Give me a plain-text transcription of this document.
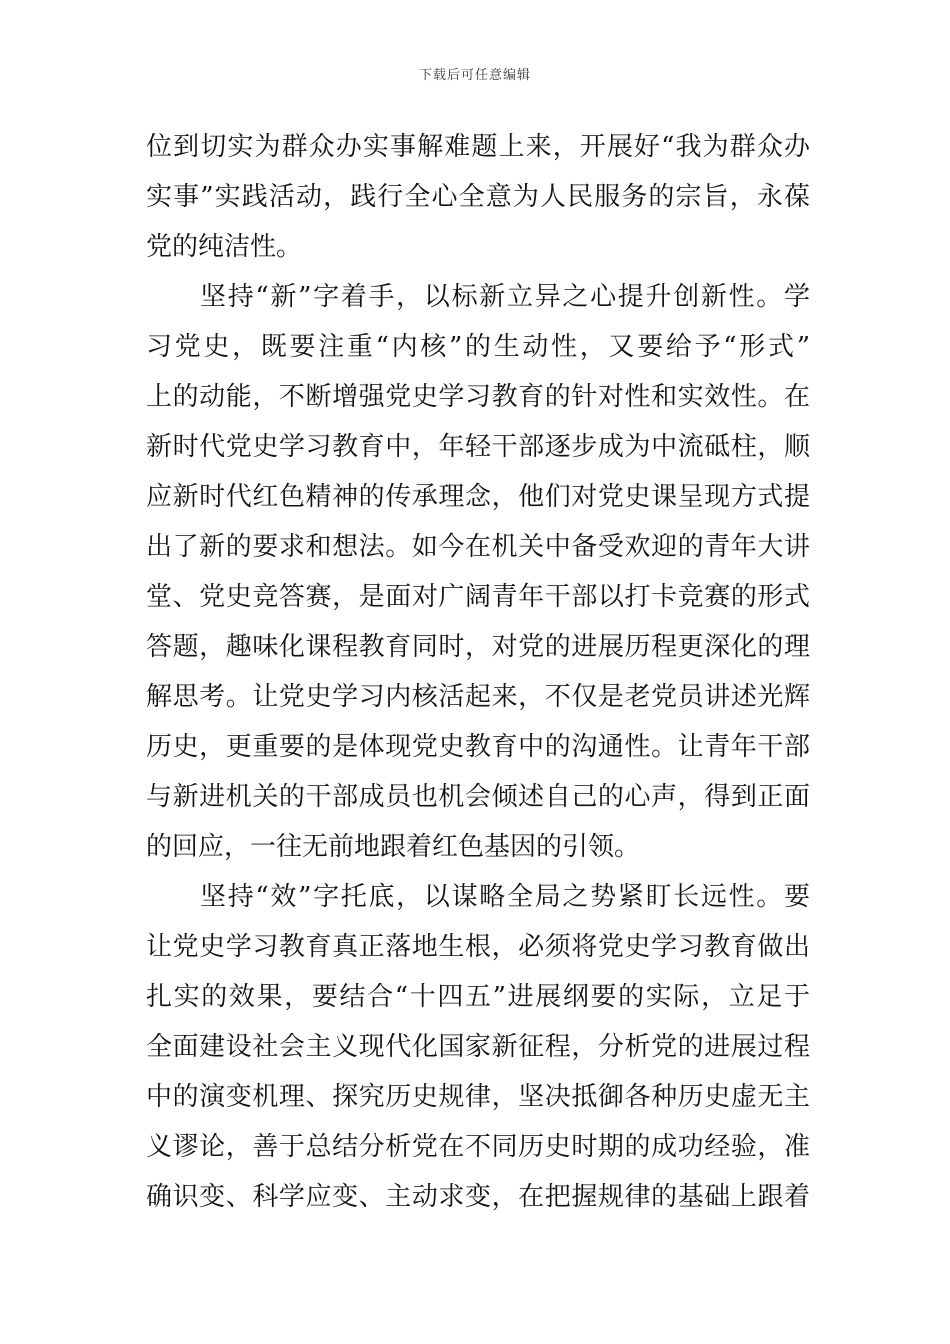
下载后可任意编辑
位到切实为群众办实事解难题上来，开展好“我为群众办
实事”实践活动，践行全心全意为人民服务的宗旨，永葆
党的纯洁性。
坚持“新”字着手，以标新立异之心提升创新性。学
习党史，既要注重“内核”的生动性，又要给予“形式”
上的动能，不断增强党史学习教育的针对性和实效性。在
新时代党史学习教育中，年轻干部逐步成为中流砥柱，顺
应新时代红色精神的传承理念，他们对党史课呈现方式提
出了新的要求和想法。如今在机关中备受欢迎的青年大讲
堂、党史竞答赛，是面对广阔青年干部以打卡竞赛的形式
答题，趣味化课程教育同时，对党的进展历程更深化的理
解思考。让党史学习内核活起来，不仅是老党员讲述光辉
历史，更重要的是体现党史教育中的沟通性。让青年干部
与新进机关的干部成员也机会倾述自己的心声，得到正面
的回应，一往无前地跟着红色基因的引领。
坚持“效”字托底，以谋略全局之势紧盯长远性。要
让党史学习教育真正落地生根，必须将党史学习教育做出
扎实的效果，要结合“十四五”进展纲要的实际，立足于
全面建设社会主义现代化国家新征程，分析党的进展过程
中的演变机理、探究历史规律，坚决抵御各种历史虚无主
义谬论，善于总结分析党在不同历史时期的成功经验，准
确识变、科学应变、主动求变，在把握规律的基础上跟着
